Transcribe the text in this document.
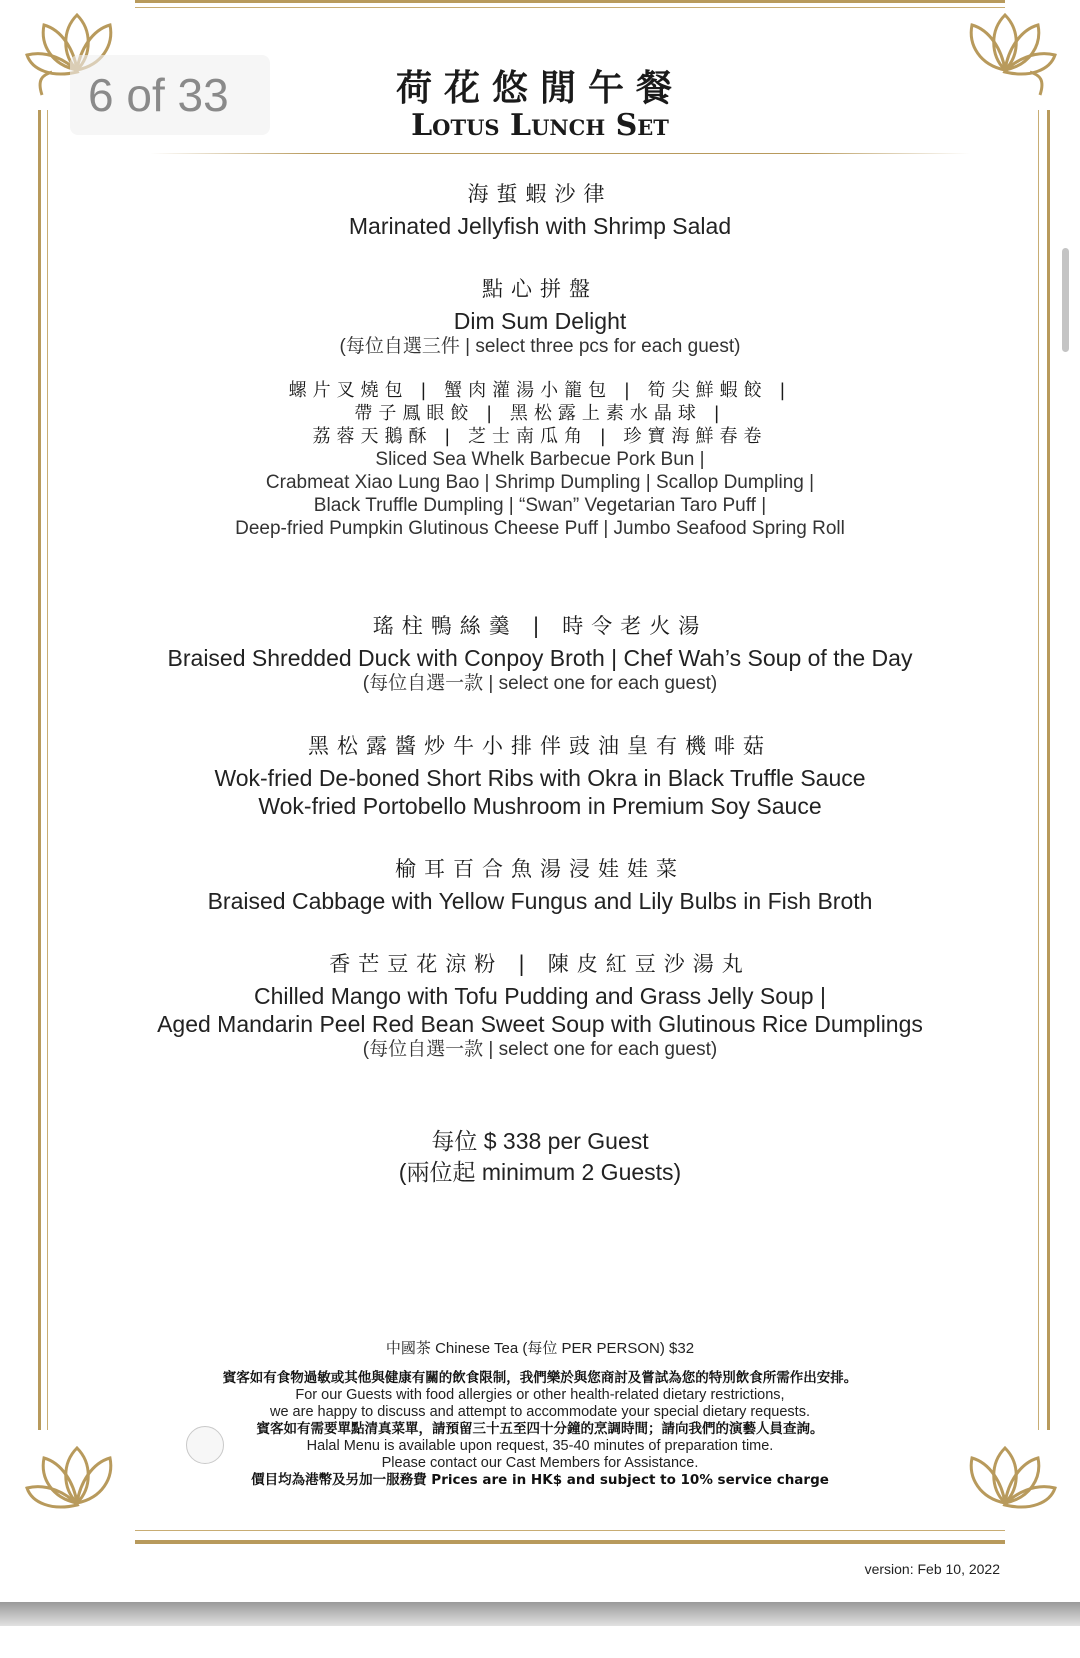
荷花悠閒午餐
Lotus Lunch Set
6 of 33
海蜇蝦沙律
Marinated Jellyfish with Shrimp Salad
點心拼盤
Dim Sum Delight
(每位自選三件 | select three pcs for each guest)
螺片叉燒包 | 蟹肉灌湯小籠包 | 筍尖鮮蝦餃 |
帶子鳳眼餃 | 黑松露上素水晶球 |
荔蓉天鵝酥 | 芝士南瓜角 | 珍寶海鮮春卷
Sliced Sea Whelk Barbecue Pork Bun |
Crabmeat Xiao Lung Bao | Shrimp Dumpling | Scallop Dumpling |
Black Truffle Dumpling | “Swan” Vegetarian Taro Puff |
Deep-fried Pumpkin Glutinous Cheese Puff | Jumbo Seafood Spring Roll
瑤柱鴨絲羹 | 時令老火湯
Braised Shredded Duck with Conpoy Broth | Chef Wah’s Soup of the Day
(每位自選一款 | select one for each guest)
黑松露醬炒牛小排伴豉油皇有機啡菇
Wok-fried De-boned Short Ribs with Okra in Black Truffle Sauce
Wok-fried Portobello Mushroom in Premium Soy Sauce
榆耳百合魚湯浸娃娃菜
Braised Cabbage with Yellow Fungus and Lily Bulbs in Fish Broth
香芒豆花涼粉 | 陳皮紅豆沙湯丸
Chilled Mango with Tofu Pudding and Grass Jelly Soup |
Aged Mandarin Peel Red Bean Sweet Soup with Glutinous Rice Dumplings
(每位自選一款 | select one for each guest)
每位 $ 338 per Guest
(兩位起 minimum 2 Guests)
中國茶 Chinese Tea (每位 PER PERSON) $32
賓客如有食物過敏或其他與健康有關的飲食限制，我們樂於與您商討及嘗試為您的特別飲食所需作出安排。
For our Guests with food allergies or other health-related dietary restrictions,
we are happy to discuss and attempt to accommodate your special dietary requests.
賓客如有需要單點清真菜單，請預留三十五至四十分鐘的烹調時間；請向我們的演藝人員查詢。
Halal Menu is available upon request, 35-40 minutes of preparation time.
Please contact our Cast Members for Assistance.
價目均為港幣及另加一服務費 Prices are in HK$ and subject to 10% service charge
version: Feb 10, 2022
